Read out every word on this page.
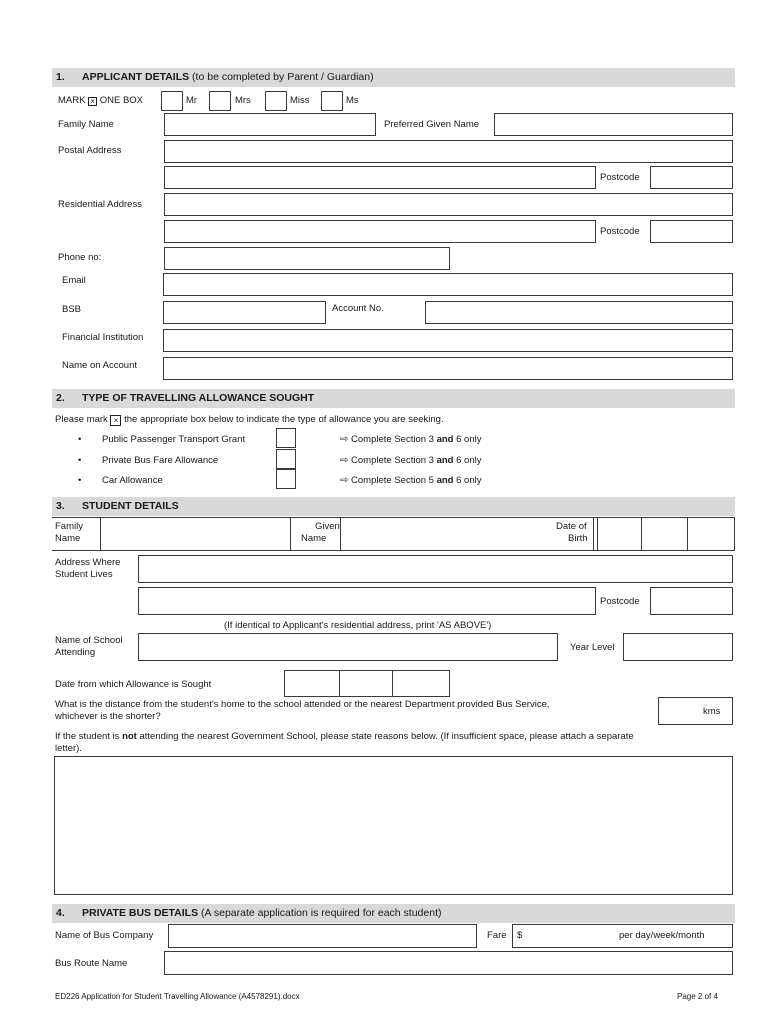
1. APPLICANT DETAILS (to be completed by Parent / Guardian)
MARK × ONE BOX	Mr	Mrs	Miss	Ms
Family Name	Preferred Given Name
Postal Address
Postcode
Residential Address
Postcode
Phone no:
Email
BSB	Account No.
Financial Institution
Name on Account
2. TYPE OF TRAVELLING ALLOWANCE SOUGHT
Please mark × the appropriate box below to indicate the type of allowance you are seeking.
• Public Passenger Transport Grant	⇨ Complete Section 3 and 6 only
• Private Bus Fare Allowance	⇨ Complete Section 3 and 6 only
• Car Allowance	⇨ Complete Section 5 and 6 only
3. STUDENT DETAILS
Family
Name
Given
Name
Date of
Birth
Address Where
Student Lives
Postcode
(If identical to Applicant's residential address, print 'AS ABOVE')
Name of School
Attending	Year Level
Date from which Allowance is Sought
What is the distance from the student's home to the school attended or the nearest Department provided Bus Service,
whichever is the shorter?	kms
If the student is not attending the nearest Government School, please state reasons below. (If insufficient space, please attach a separate
letter).
4. PRIVATE BUS DETAILS (A separate application is required for each student)
Name of Bus Company	Fare $	per day/week/month
Bus Route Name
ED226 Application for Student Travelling Allowance (A4578291).docx	Page 2 of 4
